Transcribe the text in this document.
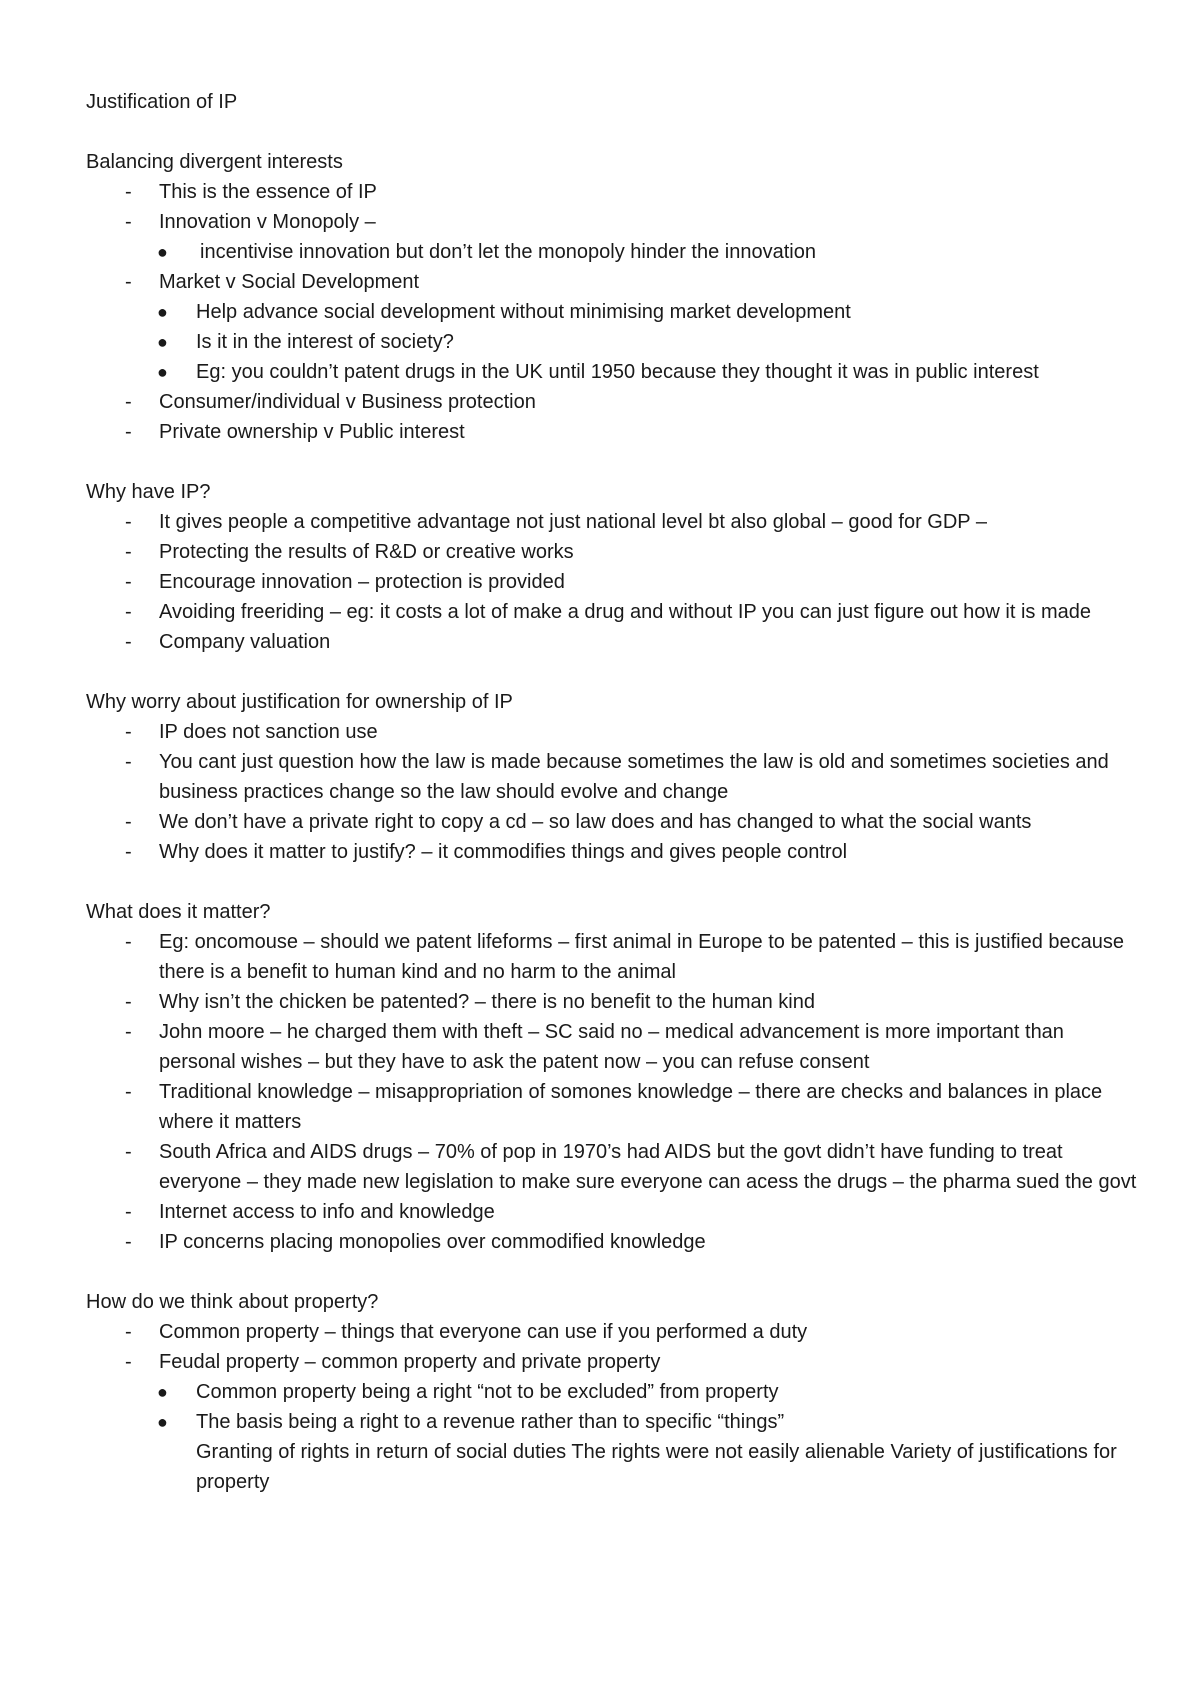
Justification of IP

Balancing divergent interests

- This is the essence of IP
- Innovation v Monopoly –
● incentivise innovation but don’t let the monopoly hinder the innovation
- Market v Social Development
● Help advance social development without minimising market development
● Is it in the interest of society?
● Eg: you couldn’t patent drugs in the UK until 1950 because they thought it was in public interest
- Consumer/individual v Business protection
- Private ownership v Public interest

Why have IP?

- It gives people a competitive advantage not just national level bt also global – good for GDP –
- Protecting the results of R&D or creative works
- Encourage innovation – protection is provided
- Avoiding freeriding – eg: it costs a lot of make a drug and without IP you can just figure out how it is made
- Company valuation

Why worry about justification for ownership of IP

- IP does not sanction use
- You cant just question how the law is made because sometimes the law is old and sometimes societies and business practices change so the law should evolve and change
- We don’t have a private right to copy a cd – so law does and has changed to what the social wants
- Why does it matter to justify? – it commodifies things and gives people control

What does it matter?

- Eg: oncomouse – should we patent lifeforms – first animal in Europe to be patented – this is justified because there is a benefit to human kind and no harm to the animal
- Why isn’t the chicken be patented? – there is no benefit to the human kind
- John moore – he charged them with theft – SC said no – medical advancement is more important than personal wishes – but they have to ask the patent now – you can refuse consent
- Traditional knowledge – misappropriation of somones knowledge – there are checks and balances in place where it matters
- South Africa and AIDS drugs – 70% of pop in 1970’s had AIDS but the govt didn’t have funding to treat everyone – they made new legislation to make sure everyone can acess the drugs – the pharma sued the govt
- Internet access to info and knowledge
- IP concerns placing monopolies over commodified knowledge

How do we think about property?

- Common property – things that everyone can use if you performed a duty
- Feudal property – common property and private property
● Common property being a right “not to be excluded” from property
● The basis being a right to a revenue rather than to specific “things”
Granting of rights in return of social duties The rights were not easily alienable Variety of justifications for property
